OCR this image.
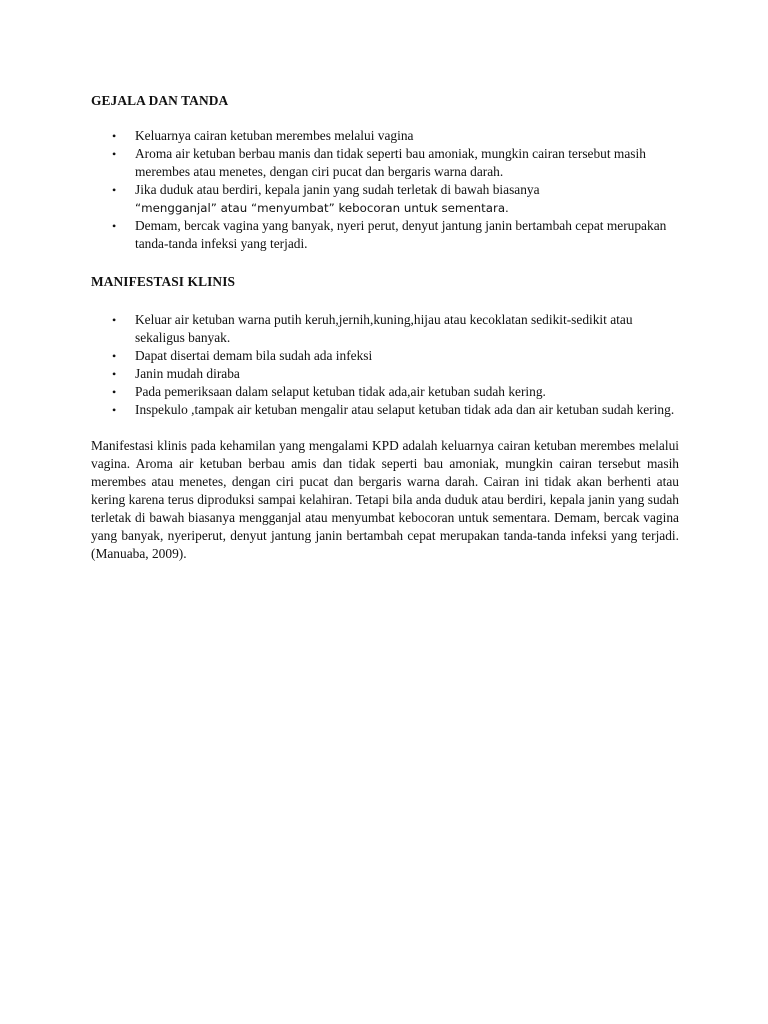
GEJALA DAN TANDA

• Keluarnya cairan ketuban merembes melalui vagina
• Aroma air ketuban berbau manis dan tidak seperti bau amoniak, mungkin cairan tersebut masih merembes atau menetes, dengan ciri pucat dan bergaris warna darah.
• Jika duduk atau berdiri, kepala janin yang sudah terletak di bawah biasanya
“mengganjal” atau “menyumbat” kebocoran untuk sementara.
• Demam, bercak vagina yang banyak, nyeri perut, denyut jantung janin bertambah cepat merupakan tanda-tanda infeksi yang terjadi.

MANIFESTASI KLINIS

• Keluar air ketuban warna putih keruh,jernih,kuning,hijau atau kecoklatan sedikit-sedikit atau sekaligus banyak.
• Dapat disertai demam bila sudah ada infeksi
• Janin mudah diraba
• Pada pemeriksaan dalam selaput ketuban tidak ada,air ketuban sudah kering.
• Inspekulo ,tampak air ketuban mengalir atau selaput ketuban tidak ada dan air ketuban sudah kering.

Manifestasi klinis pada kehamilan yang mengalami KPD adalah keluarnya cairan ketuban merembes melalui vagina. Aroma air ketuban berbau amis dan tidak seperti bau amoniak, mungkin cairan tersebut masih merembes atau menetes, dengan ciri pucat dan bergaris warna darah. Cairan ini tidak akan berhenti atau kering karena terus diproduksi sampai kelahiran. Tetapi bila anda duduk atau berdiri, kepala janin yang sudah terletak di bawah biasanya mengganjal atau menyumbat kebocoran untuk sementara. Demam, bercak vagina yang banyak, nyeriperut, denyut jantung janin bertambah cepat merupakan tanda-tanda infeksi yang terjadi. (Manuaba, 2009).
